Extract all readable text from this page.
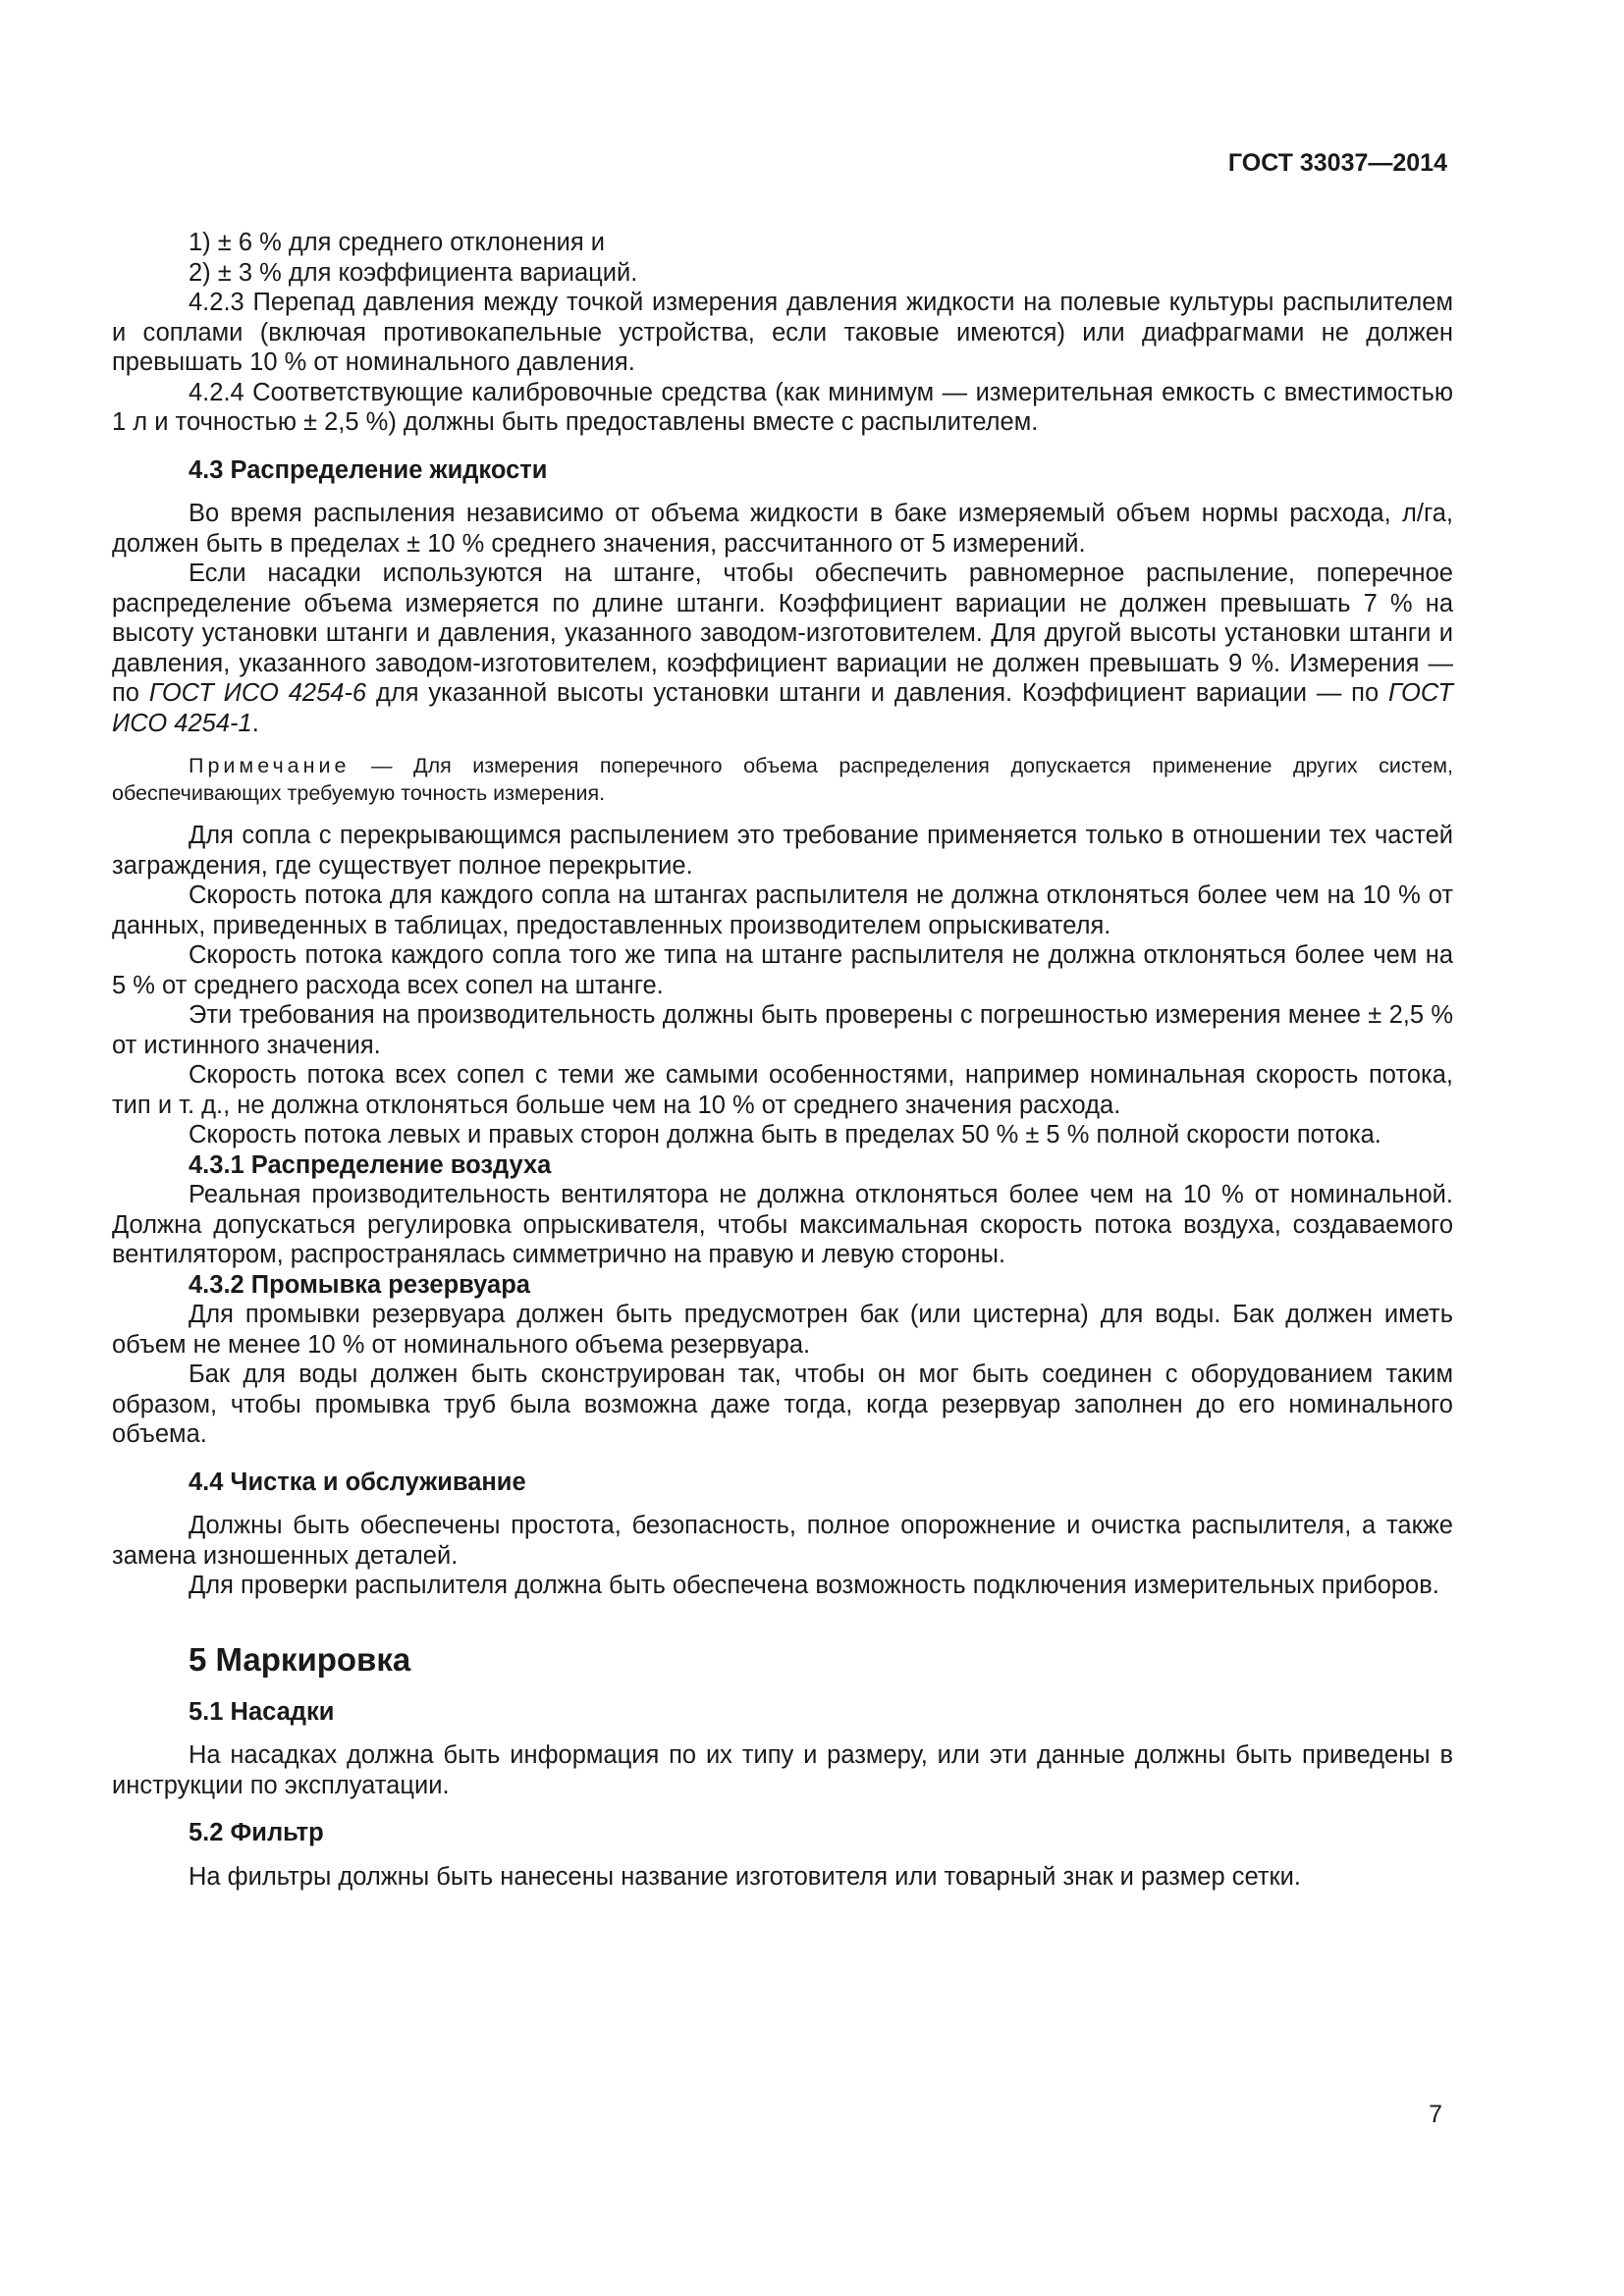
ГОСТ 33037—2014

1) ± 6 % для среднего отклонения и

2) ± 3 % для коэффициента вариаций.

4.2.3 Перепад давления между точкой измерения давления жидкости на полевые культуры распылителем и соплами (включая противокапельные устройства, если таковые имеются) или диафрагмами не должен превышать 10 % от номинального давления.

4.2.4 Соответствующие калибровочные средства (как минимум — измерительная емкость с вместимостью 1 л и точностью ± 2,5 %) должны быть предоставлены вместе с распылителем.

4.3 Распределение жидкости

Во время распыления независимо от объема жидкости в баке измеряемый объем нормы расхода, л/га, должен быть в пределах ± 10 % среднего значения, рассчитанного от 5 измерений.

Если насадки используются на штанге, чтобы обеспечить равномерное распыление, поперечное распределение объема измеряется по длине штанги. Коэффициент вариации не должен превышать 7 % на высоту установки штанги и давления, указанного заводом-изготовителем. Для другой высоты установки штанги и давления, указанного заводом-изготовителем, коэффициент вариации не должен превышать 9 %. Измерения — по ГОСТ ИСО 4254-6 для указанной высоты установки штанги и давления. Коэффициент вариации — по ГОСТ ИСО 4254-1.

Примечание — Для измерения поперечного объема распределения допускается применение других систем, обеспечивающих требуемую точность измерения.

Для сопла с перекрывающимся распылением это требование применяется только в отношении тех частей заграждения, где существует полное перекрытие.

Скорость потока для каждого сопла на штангах распылителя не должна отклоняться более чем на 10 % от данных, приведенных в таблицах, предоставленных производителем опрыскивателя.

Скорость потока каждого сопла того же типа на штанге распылителя не должна отклоняться более чем на 5 % от среднего расхода всех сопел на штанге.

Эти требования на производительность должны быть проверены с погрешностью измерения менее ± 2,5 % от истинного значения.

Скорость потока всех сопел с теми же самыми особенностями, например номинальная скорость потока, тип и т. д., не должна отклоняться больше чем на 10 % от среднего значения расхода.

Скорость потока левых и правых сторон должна быть в пределах 50 % ± 5 % полной скорости потока.

4.3.1 Распределение воздуха

Реальная производительность вентилятора не должна отклоняться более чем на 10 % от номинальной. Должна допускаться регулировка опрыскивателя, чтобы максимальная скорость потока воздуха, создаваемого вентилятором, распространялась симметрично на правую и левую стороны.

4.3.2 Промывка резервуара

Для промывки резервуара должен быть предусмотрен бак (или цистерна) для воды. Бак должен иметь объем не менее 10 % от номинального объема резервуара.

Бак для воды должен быть сконструирован так, чтобы он мог быть соединен с оборудованием таким образом, чтобы промывка труб была возможна даже тогда, когда резервуар заполнен до его номинального объема.

4.4 Чистка и обслуживание

Должны быть обеспечены простота, безопасность, полное опорожнение и очистка распылителя, а также замена изношенных деталей.

Для проверки распылителя должна быть обеспечена возможность подключения измерительных приборов.

5 Маркировка
5.1 Насадки

На насадках должна быть информация по их типу и размеру, или эти данные должны быть приведены в инструкции по эксплуатации.

5.2 Фильтр

На фильтры должны быть нанесены название изготовителя или товарный знак и размер сетки.

7
